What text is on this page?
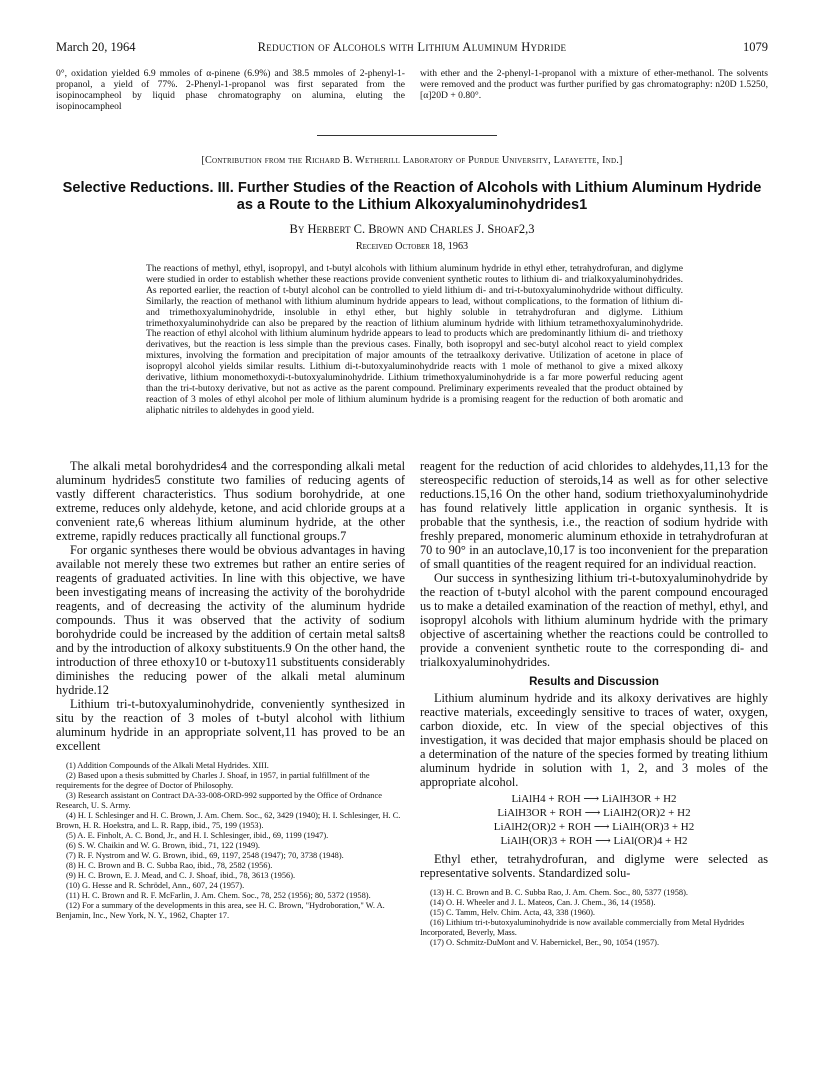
March 20, 1964	Reduction of Alcohols with Lithium Aluminum Hydride	1079
0°, oxidation yielded 6.9 mmoles of α-pinene (6.9%) and 38.5 mmoles of 2-phenyl-1-propanol, a yield of 77%. 2-Phenyl-1-propanol was first separated from the isopinocampheol by liquid phase chromatography on alumina, eluting the isopinocampheol
with ether and the 2-phenyl-1-propanol with a mixture of ether-methanol. The solvents were removed and the product was further purified by gas chromatography: n20D 1.5250, [α]20D + 0.80°.
[Contribution from the Richard B. Wetherill Laboratory of Purdue University, Lafayette, Ind.]
Selective Reductions. III. Further Studies of the Reaction of Alcohols with Lithium Aluminum Hydride as a Route to the Lithium Alkoxyaluminohydrides1
By Herbert C. Brown and Charles J. Shoaf2,3
Received October 18, 1963
The reactions of methyl, ethyl, isopropyl, and t-butyl alcohols with lithium aluminum hydride in ethyl ether, tetrahydrofuran, and diglyme were studied in order to establish whether these reactions provide convenient synthetic routes to lithium di- and trialkoxyaluminohydrides. As reported earlier, the reaction of t-butyl alcohol can be controlled to yield lithium di- and tri-t-butoxyaluminohydride without difficulty. Similarly, the reaction of methanol with lithium aluminum hydride appears to lead, without complications, to the formation of lithium di- and trimethoxyaluminohydride, insoluble in ethyl ether, but highly soluble in tetrahydrofuran and diglyme. Lithium trimethoxyaluminohydride can also be prepared by the reaction of lithium aluminum hydride with lithium tetramethoxyaluminohydride. The reaction of ethyl alcohol with lithium aluminum hydride appears to lead to products which are predominantly lithium di- and triethoxy derivatives, but the reaction is less simple than the previous cases. Finally, both isopropyl and sec-butyl alcohol react to yield complex mixtures, involving the formation and precipitation of major amounts of the tetraalkoxy derivative. Utilization of acetone in place of isopropyl alcohol yields similar results. Lithium di-t-butoxyaluminohydride reacts with 1 mole of methanol to give a mixed alkoxy derivative, lithium monomethoxydi-t-butoxyaluminohydride. Lithium trimethoxyaluminohydride is a far more powerful reducing agent than the tri-t-butoxy derivative, but not as active as the parent compound. Preliminary experiments revealed that the product obtained by reaction of 3 moles of ethyl alcohol per mole of lithium aluminum hydride is a promising reagent for the reduction of both aromatic and aliphatic nitriles to aldehydes in good yield.

The alkali metal borohydrides4 and the corresponding alkali metal aluminum hydrides5 constitute two families of reducing agents of vastly different characteristics. Thus sodium borohydride, at one extreme, reduces only aldehyde, ketone, and acid chloride groups at a convenient rate,6 whereas lithium aluminum hydride, at the other extreme, rapidly reduces practically all functional groups.7

For organic syntheses there would be obvious advantages in having available not merely these two extremes but rather an entire series of reagents of graduated activities. In line with this objective, we have been investigating means of increasing the activity of the borohydride reagents, and of decreasing the activity of the aluminum hydride compounds. Thus it was observed that the activity of sodium borohydride could be increased by the addition of certain metal salts8 and by the introduction of alkoxy substituents.9 On the other hand, the introduction of three ethoxy10 or t-butoxy11 substituents considerably diminishes the reducing power of the alkali metal aluminum hydride.12

Lithium tri-t-butoxyaluminohydride, conveniently synthesized in situ by the reaction of 3 moles of t-butyl alcohol with lithium aluminum hydride in an appropriate solvent,11 has proved to be an excellent

(1) Addition Compounds of the Alkali Metal Hydrides. XIII.
(2) Based upon a thesis submitted by Charles J. Shoaf, in 1957, in partial fulfillment of the requirements for the degree of Doctor of Philosophy.
(3) Research assistant on Contract DA-33-008-ORD-992 supported by the Office of Ordnance Research, U. S. Army.
(4) H. I. Schlesinger and H. C. Brown, J. Am. Chem. Soc., 62, 3429 (1940); H. I. Schlesinger, H. C. Brown, H. R. Hoekstra, and L. R. Rapp, ibid., 75, 199 (1953).
(5) A. E. Finholt, A. C. Bond, Jr., and H. I. Schlesinger, ibid., 69, 1199 (1947).
(6) S. W. Chaikin and W. G. Brown, ibid., 71, 122 (1949).
(7) R. F. Nystrom and W. G. Brown, ibid., 69, 1197, 2548 (1947); 70, 3738 (1948).
(8) H. C. Brown and B. C. Subba Rao, ibid., 78, 2582 (1956).
(9) H. C. Brown, E. J. Mead, and C. J. Shoaf, ibid., 78, 3613 (1956).
(10) G. Hesse and R. Schrödel, Ann., 607, 24 (1957).
(11) H. C. Brown and R. F. McFarlin, J. Am. Chem. Soc., 78, 252 (1956); 80, 5372 (1958).
(12) For a summary of the developments in this area, see H. C. Brown, "Hydroboration," W. A. Benjamin, Inc., New York, N. Y., 1962, Chapter 17.

reagent for the reduction of acid chlorides to aldehydes,11,13 for the stereospecific reduction of steroids,14 as well as for other selective reductions.15,16 On the other hand, sodium triethoxyaluminohydride has found relatively little application in organic synthesis. It is probable that the synthesis, i.e., the reaction of sodium hydride with freshly prepared, monomeric aluminum ethoxide in tetrahydrofuran at 70 to 90° in an autoclave,10,17 is too inconvenient for the preparation of small quantities of the reagent required for an individual reaction.

Our success in synthesizing lithium tri-t-butoxyaluminohydride by the reaction of t-butyl alcohol with the parent compound encouraged us to make a detailed examination of the reaction of methyl, ethyl, and isopropyl alcohols with lithium aluminum hydride with the primary objective of ascertaining whether the reactions could be controlled to provide a convenient synthetic route to the corresponding di- and trialkoxyaluminohydrides.

Results and Discussion

Lithium aluminum hydride and its alkoxy derivatives are highly reactive materials, exceedingly sensitive to traces of water, oxygen, carbon dioxide, etc. In view of the special objectives of this investigation, it was decided that major emphasis should be placed on a determination of the nature of the species formed by treating lithium aluminum hydride in solution with 1, 2, and 3 moles of the appropriate alcohol.

LiAlH4 + ROH ⟶ LiAlH3OR + H2
LiAlH3OR + ROH ⟶ LiAlH2(OR)2 + H2
LiAlH2(OR)2 + ROH ⟶ LiAlH(OR)3 + H2
LiAlH(OR)3 + ROH ⟶ LiAl(OR)4 + H2

Ethyl ether, tetrahydrofuran, and diglyme were selected as representative solvents. Standardized solu-

(13) H. C. Brown and B. C. Subba Rao, J. Am. Chem. Soc., 80, 5377 (1958).
(14) O. H. Wheeler and J. L. Mateos, Can. J. Chem., 36, 14 (1958).
(15) C. Tamm, Helv. Chim. Acta, 43, 338 (1960).
(16) Lithium tri-t-butoxyaluminohydride is now available commercially from Metal Hydrides Incorporated, Beverly, Mass.
(17) O. Schmitz-DuMont and V. Habernickel, Ber., 90, 1054 (1957).
